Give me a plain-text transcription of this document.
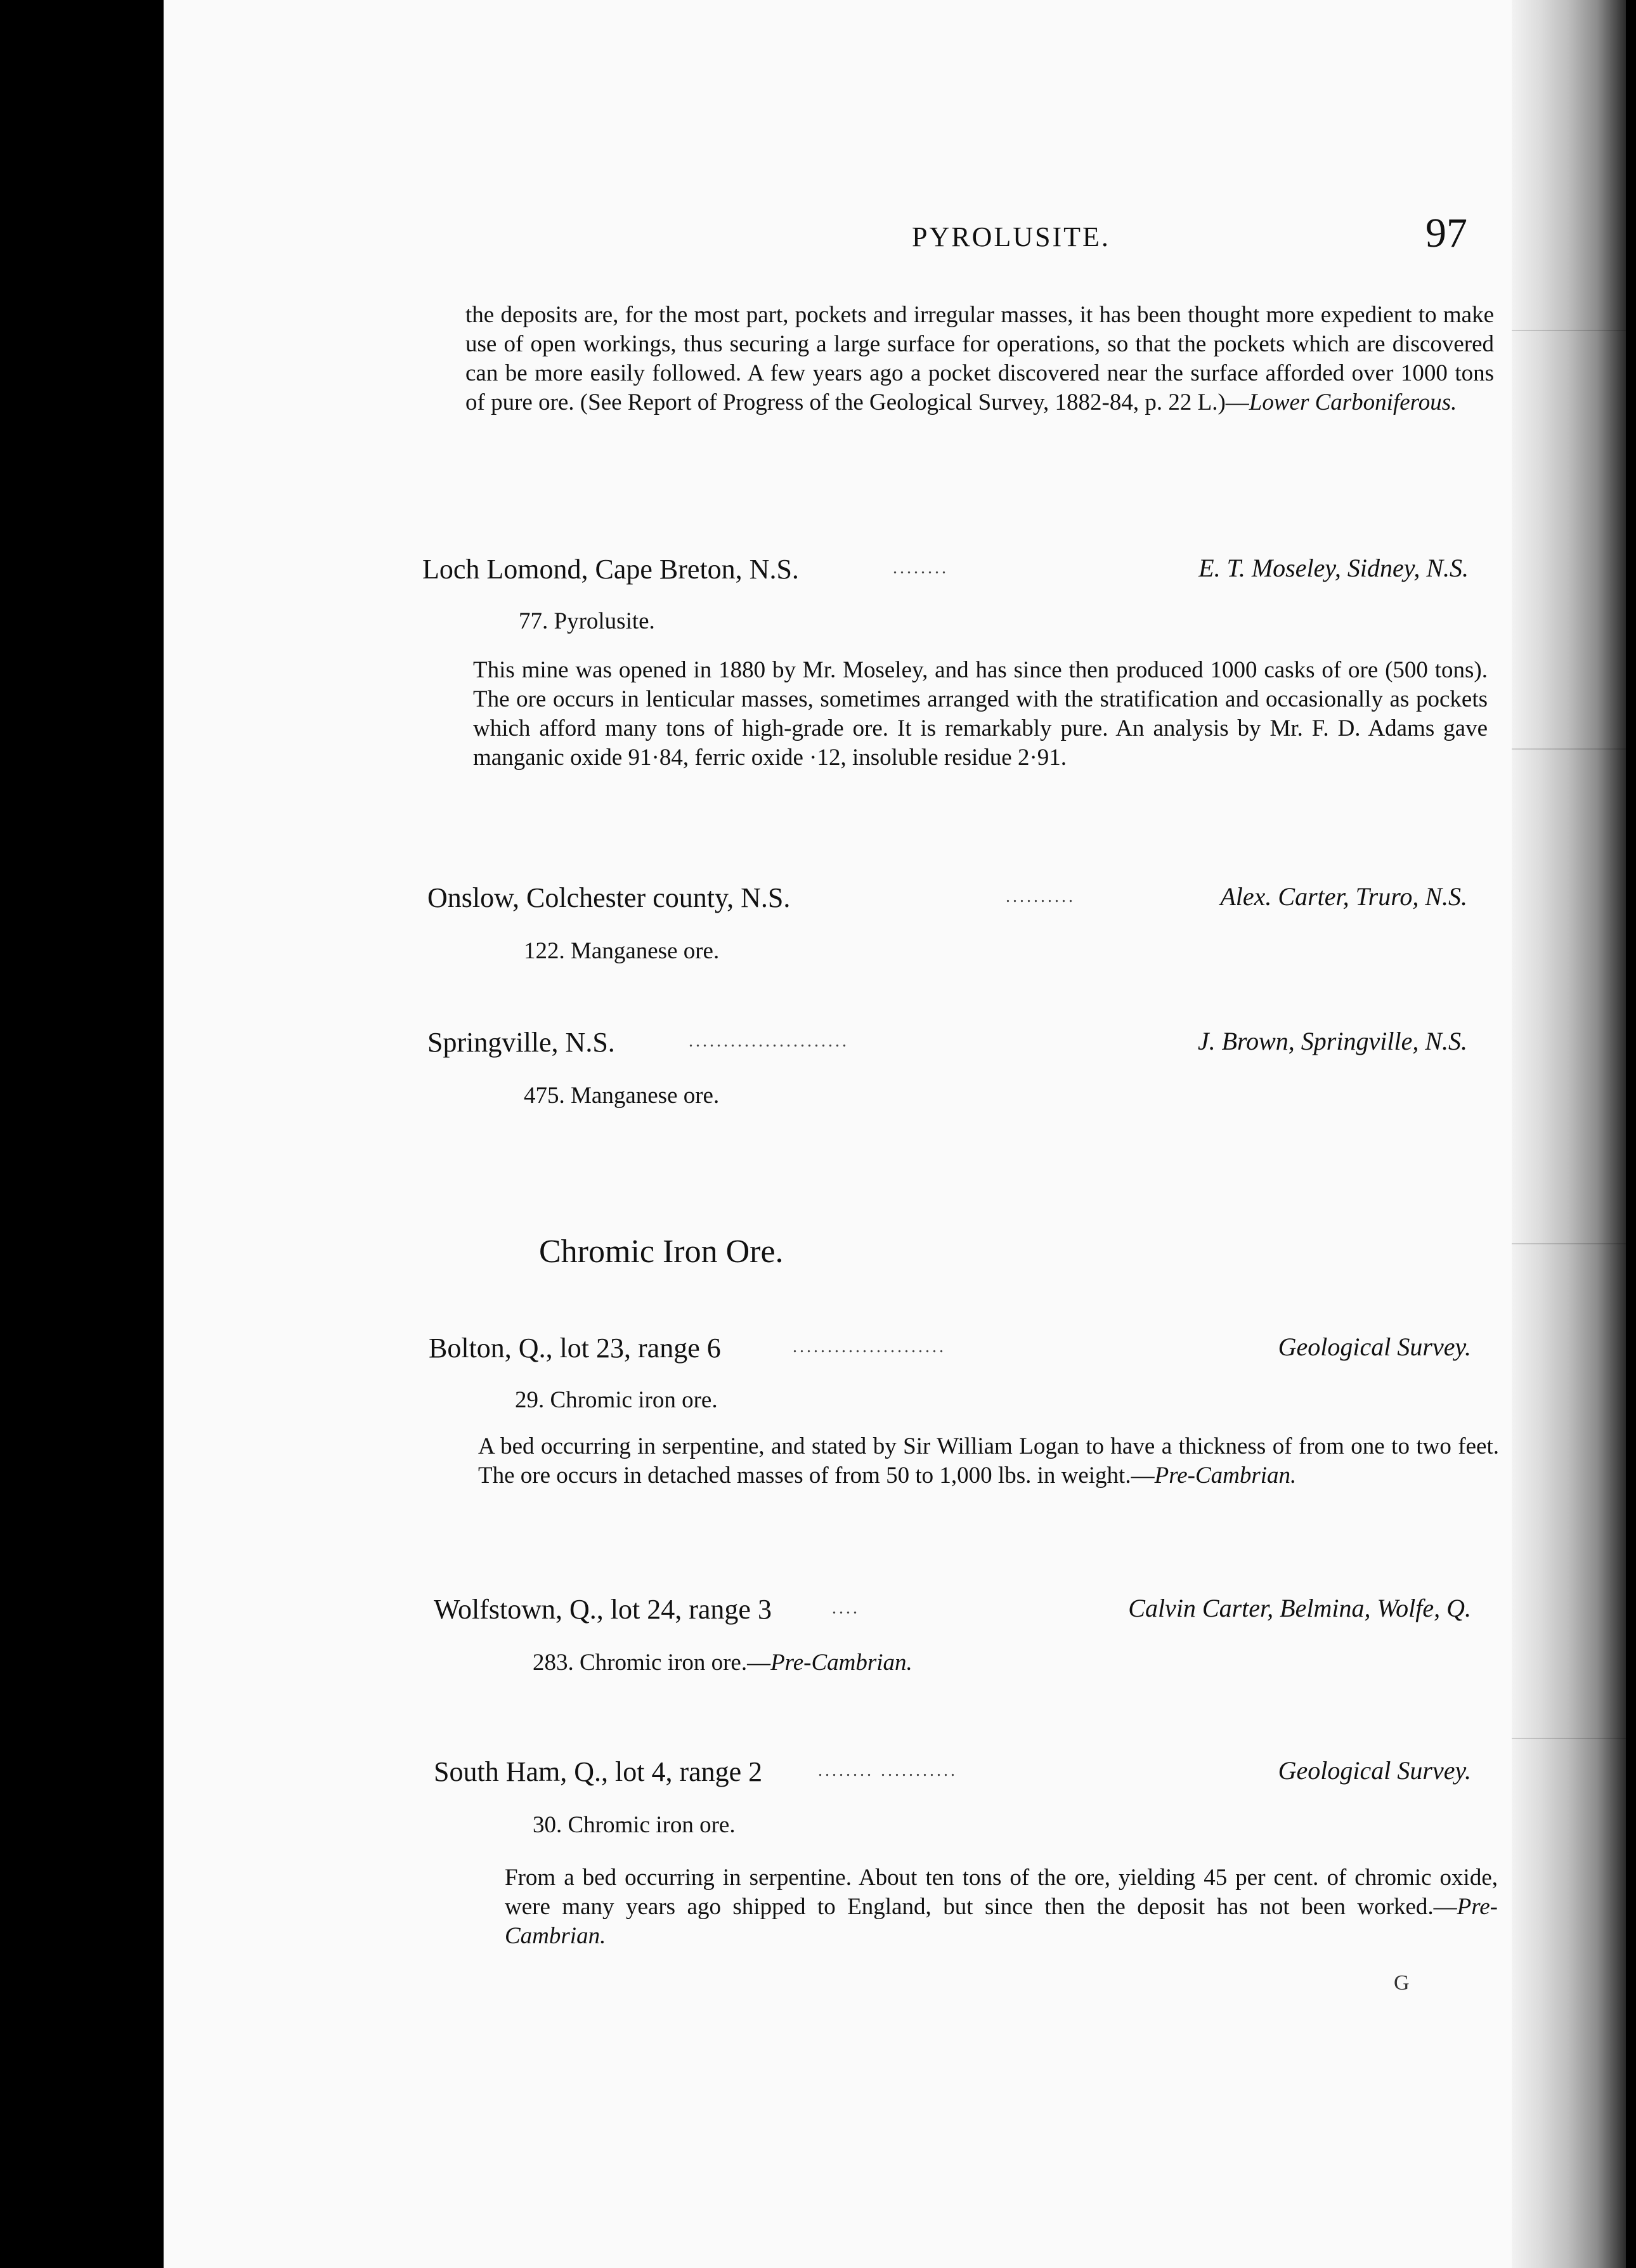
PYROLUSITE.	97
the deposits are, for the most part, pockets and irregular masses, it has been thought more expedient to make use of open workings, thus securing a large surface for operations, so that the pockets which are discovered can be more easily followed. A few years ago a pocket discovered near the surface afforded over 1000 tons of pure ore. (See Report of Progress of the Geological Survey, 1882-84, p. 22 L.)—Lower Carboniferous.
Loch Lomond, Cape Breton, N.S.	........	E. T. Moseley, Sidney, N.S.
77. Pyrolusite.
This mine was opened in 1880 by Mr. Moseley, and has since then produced 1000 casks of ore (500 tons). The ore occurs in lenticular masses, sometimes arranged with the stratification and occasionally as pockets which afford many tons of high-grade ore. It is remarkably pure. An analysis by Mr. F. D. Adams gave manganic oxide 91·84, ferric oxide ·12, insoluble residue 2·91.
Onslow, Colchester county, N.S.	..........	Alex. Carter, Truro, N.S.
122. Manganese ore.
Springville, N.S.	.......................	J. Brown, Springville, N.S.
475. Manganese ore.
Chromic Iron Ore.
Bolton, Q., lot 23, range 6	......................	Geological Survey.
29. Chromic iron ore.
A bed occurring in serpentine, and stated by Sir William Logan to have a thickness of from one to two feet. The ore occurs in detached masses of from 50 to 1,000 lbs. in weight.—Pre-Cambrian.
Wolfstown, Q., lot 24, range 3	....	Calvin Carter, Belmina, Wolfe, Q.
283. Chromic iron ore.—Pre-Cambrian.
South Ham, Q., lot 4, range 2	........ ...........	Geological Survey.
30. Chromic iron ore.
From a bed occurring in serpentine. About ten tons of the ore, yielding 45 per cent. of chromic oxide, were many years ago shipped to England, but since then the deposit has not been worked.—Pre-Cambrian.
G
